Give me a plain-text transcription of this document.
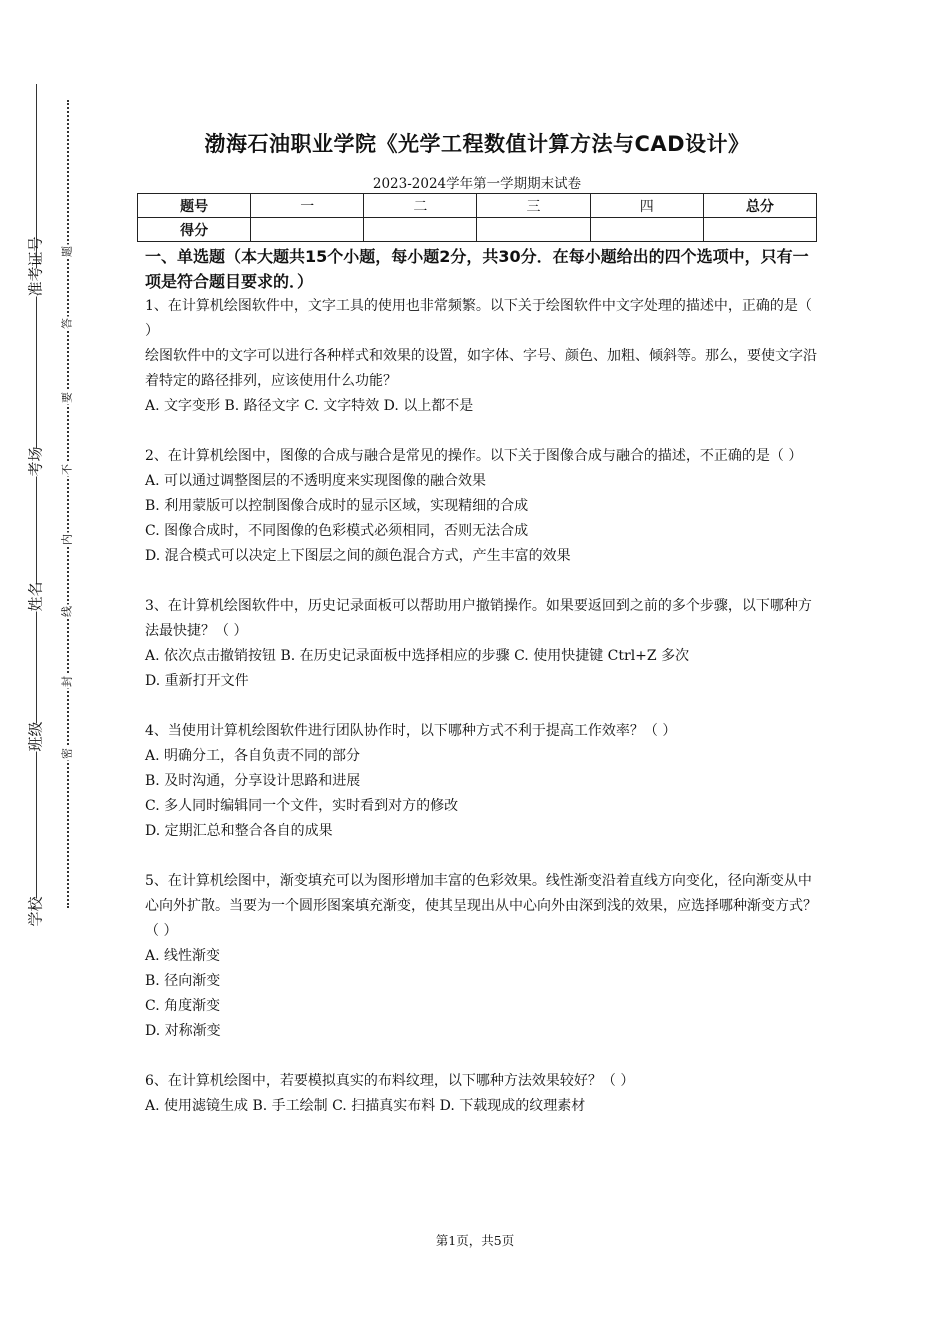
准考证号
考场
姓名
班级
学校
题
答
要
不
内
线
封
密
渤海石油职业学院《光学工程数值计算方法与CAD设计》
2023-2024学年第一学期期末试卷
题号	一	二	三	四	总分
得分					
一、单选题（本大题共15个小题，每小题2分，共30分．在每小题给出的四个选项中，只有一项是符合题目要求的．）
1、在计算机绘图软件中，文字工具的使用也非常频繁。以下关于绘图软件中文字处理的描述中，正确的是（ ）
绘图软件中的文字可以进行各种样式和效果的设置，如字体、字号、颜色、加粗、倾斜等。那么，要使文字沿着特定的路径排列，应该使用什么功能？
A. 文字变形 B. 路径文字 C. 文字特效 D. 以上都不是
2、在计算机绘图中，图像的合成与融合是常见的操作。以下关于图像合成与融合的描述，不正确的是（ ）
A. 可以通过调整图层的不透明度来实现图像的融合效果
B. 利用蒙版可以控制图像合成时的显示区域，实现精细的合成
C. 图像合成时，不同图像的色彩模式必须相同，否则无法合成
D. 混合模式可以决定上下图层之间的颜色混合方式，产生丰富的效果
3、在计算机绘图软件中，历史记录面板可以帮助用户撤销操作。如果要返回到之前的多个步骤，以下哪种方法最快捷？（ ）
A. 依次点击撤销按钮 B. 在历史记录面板中选择相应的步骤 C. 使用快捷键 Ctrl+Z 多次
D. 重新打开文件
4、当使用计算机绘图软件进行团队协作时，以下哪种方式不利于提高工作效率？（ ）
A. 明确分工，各自负责不同的部分
B. 及时沟通，分享设计思路和进展
C. 多人同时编辑同一个文件，实时看到对方的修改
D. 定期汇总和整合各自的成果
5、在计算机绘图中，渐变填充可以为图形增加丰富的色彩效果。线性渐变沿着直线方向变化，径向渐变从中心向外扩散。当要为一个圆形图案填充渐变，使其呈现出从中心向外由深到浅的效果，应选择哪种渐变方式？（ ）
A. 线性渐变
B. 径向渐变
C. 角度渐变
D. 对称渐变
6、在计算机绘图中，若要模拟真实的布料纹理，以下哪种方法效果较好？（ ）
A. 使用滤镜生成 B. 手工绘制 C. 扫描真实布料 D. 下载现成的纹理素材
第1页，共5页
